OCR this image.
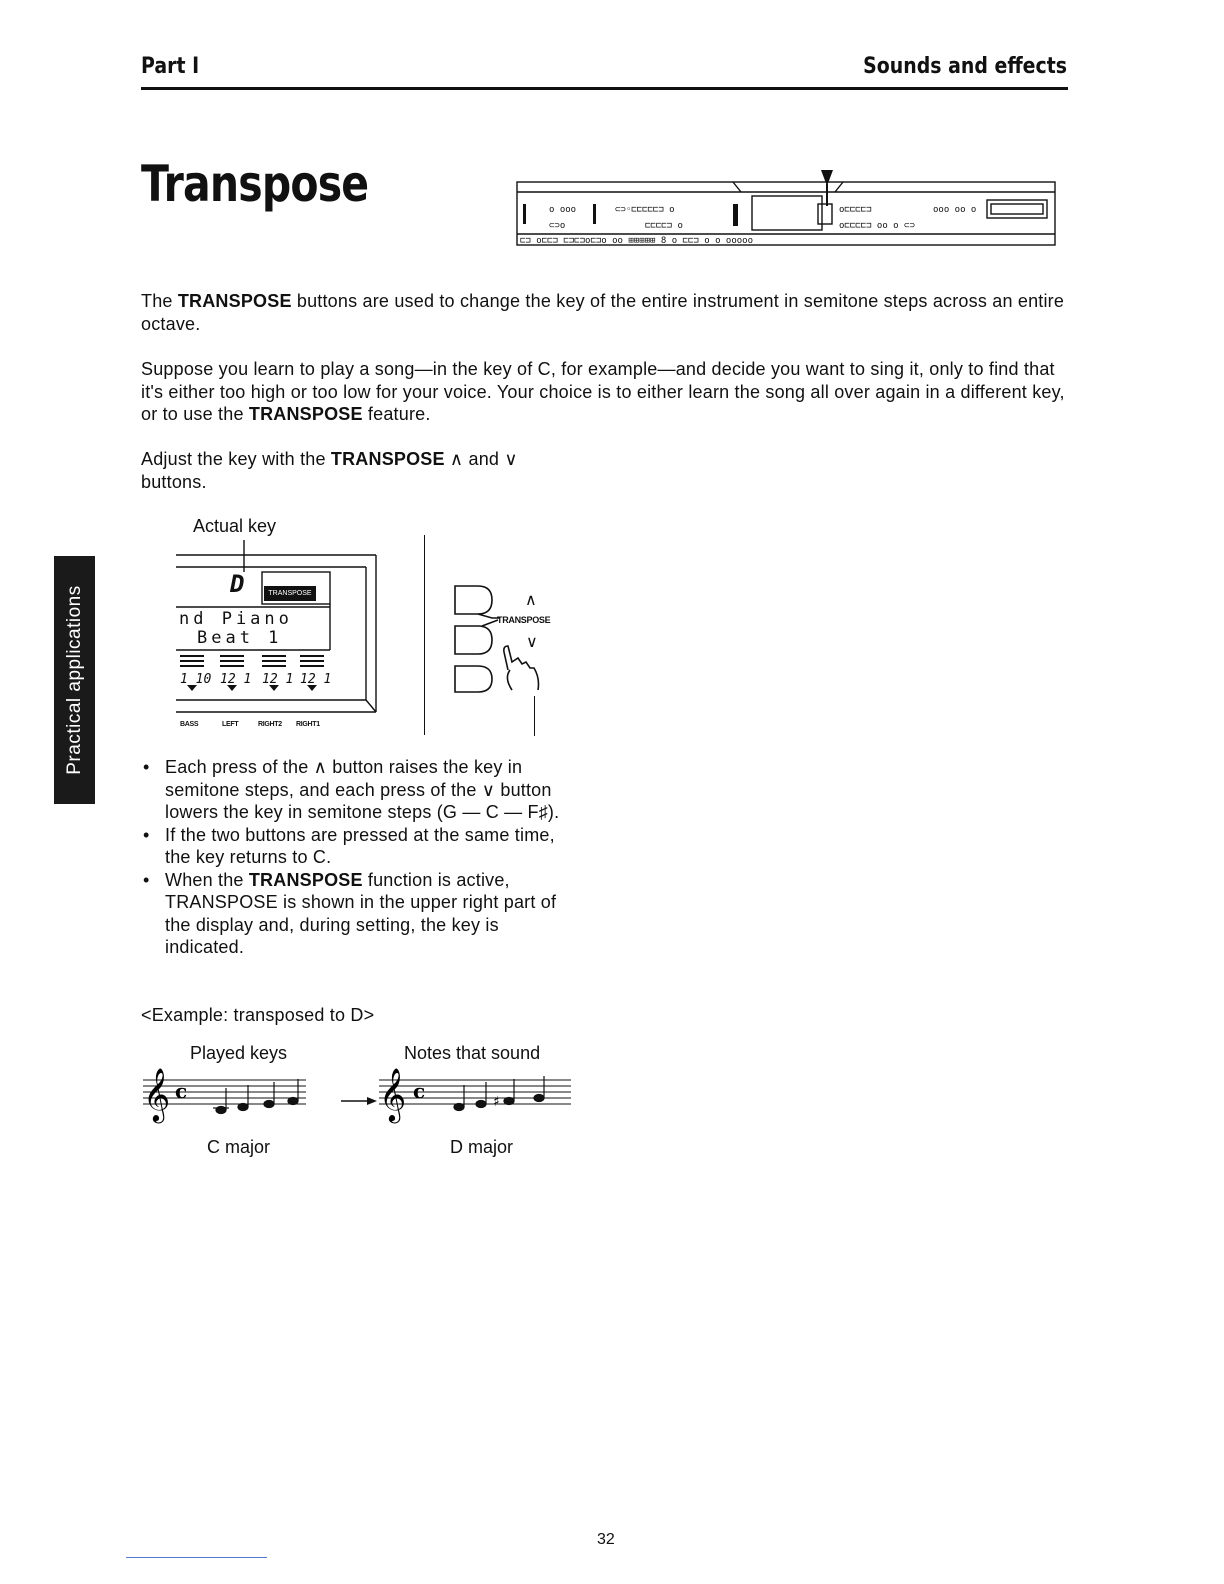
Part I	Sounds and effects
Transpose	o ooo
⊂⊃o
⊂⊃◦⊏⊏⊏⊏⊏⊐ o
⊏⊏⊏⊏⊐ o
o⊏⊏⊏⊏⊐
o⊏⊏⊏⊏⊐ oo o ⊂⊃
ooo oo o
⊏⊐ o⊏⊏⊐ ⊏⊐⊏⊐o⊏⊐o oo ⊞⊞⊞⊞⊞ 8 o ⊏⊏⊐ o o ooooo
Practical applications
The TRANSPOSE buttons are used to change the key of the entire instrument in semitone steps across an entire octave.
Suppose you learn to play a song—in the key of C, for example—and decide you want to sing it, only to find that it's either too high or too low for your voice. Your choice is to either learn the song all over again in a different key, or to use the TRANSPOSE feature.
Adjust the key with the TRANSPOSE ∧ and ∨ buttons.
Actual key
1 10 12 1 12 1 12 1
D	TRANSPOSE
nd Piano
Beat 1
BASS	LEFT	RIGHT2 RIGHT1
∧
TRANSPOSE
∨
• Each press of the ∧ button raises the key in semitone steps, and each press of the ∨ button lowers the key in semitone steps (G — C — F♯).
• If the two buttons are pressed at the same time, the key returns to C.
• When the TRANSPOSE function is active, TRANSPOSE is shown in the upper right part of the display and, during setting, the key is indicated.
<Example: transposed to D>
Played keys	Notes that sound
𝄞	𝄞
c	c	♯
C major	D major
32
